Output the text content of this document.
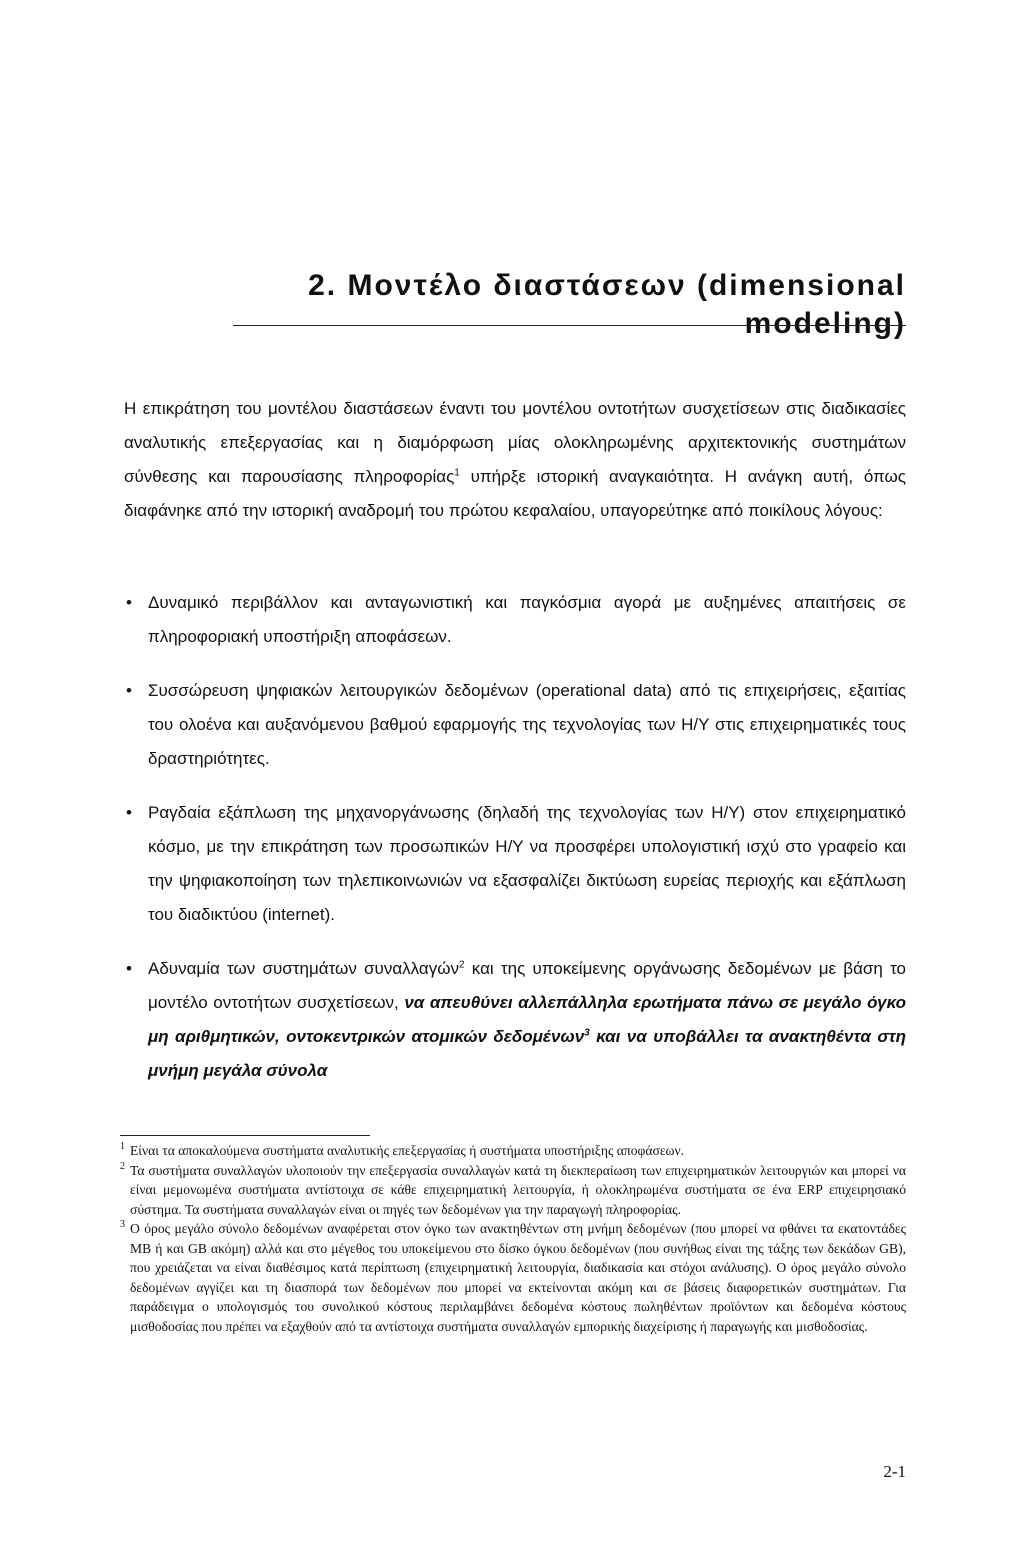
2. Μοντέλο διαστάσεων (dimensional
modeling)

Η επικράτηση του μοντέλου διαστάσεων έναντι του μοντέλου οντοτήτων συσχετίσεων στις διαδικασίες αναλυτικής επεξεργασίας και η διαμόρφωση μίας ολοκληρωμένης αρχιτεκτονικής συστημάτων σύνθεσης και παρουσίασης πληροφορίας$^1$ υπήρξε ιστορική αναγκαιότητα. Η ανάγκη αυτή, όπως διαφάνηκε από την ιστορική αναδρομή του πρώτου κεφαλαίου, υπαγορεύτηκε από ποικίλους λόγους:

• Δυναμικό περιβάλλον και ανταγωνιστική και παγκόσμια αγορά με αυξημένες απαιτήσεις σε πληροφοριακή υποστήριξη αποφάσεων.
• Συσσώρευση ψηφιακών λειτουργικών δεδομένων (operational data) από τις επιχειρήσεις, εξαιτίας του ολοένα και αυξανόμενου βαθμού εφαρμογής της τεχνολογίας των Η/Υ στις επιχειρηματικές τους δραστηριότητες.
• Ραγδαία εξάπλωση της μηχανοργάνωσης (δηλαδή της τεχνολογίας των Η/Υ) στον επιχειρηματικό κόσμο, με την επικράτηση των προσωπικών Η/Υ να προσφέρει υπολογιστική ισχύ στο γραφείο και την ψηφιακοποίηση των τηλεπικοινωνιών να εξασφαλίζει δικτύωση ευρείας περιοχής και εξάπλωση του διαδικτύου (internet).
• Αδυναμία των συστημάτων συναλλαγών$^2$ και της υποκείμενης οργάνωσης δεδομένων με βάση το μοντέλο οντοτήτων συσχετίσεων, να απευθύνει αλλεπάλληλα ερωτήματα πάνω σε μεγάλο όγκο μη αριθμητικών, οντοκεντρικών ατομικών δεδομένων$^3$ και να υποβάλλει τα ανακτηθέντα στη μνήμη μεγάλα σύνολα
1 Είναι τα αποκαλούμενα συστήματα αναλυτικής επεξεργασίας ή συστήματα υποστήριξης αποφάσεων.
2 Τα συστήματα συναλλαγών υλοποιούν την επεξεργασία συναλλαγών κατά τη διεκπεραίωση των επιχειρηματικών λειτουργιών και μπορεί να είναι μεμονωμένα συστήματα αντίστοιχα σε κάθε επιχειρηματική λειτουργία, ή ολοκληρωμένα συστήματα σε ένα ERP επιχειρησιακό σύστημα. Τα συστήματα συναλλαγών είναι οι πηγές των δεδομένων για την παραγωγή πληροφορίας.
3 Ο όρος μεγάλο σύνολο δεδομένων αναφέρεται στον όγκο των ανακτηθέντων στη μνήμη δεδομένων (που μπορεί να φθάνει τα εκατοντάδες MB ή και GB ακόμη) αλλά και στο μέγεθος του υποκείμενου στο δίσκο όγκου δεδομένων (που συνήθως είναι της τάξης των δεκάδων GB), που χρειάζεται να είναι διαθέσιμος κατά περίπτωση (επιχειρηματική λειτουργία, διαδικασία και στόχοι ανάλυσης). Ο όρος μεγάλο σύνολο δεδομένων αγγίζει και τη διασπορά των δεδομένων που μπορεί να εκτείνονται ακόμη και σε βάσεις διαφορετικών συστημάτων. Για παράδειγμα ο υπολογισμός του συνολικού κόστους περιλαμβάνει δεδομένα κόστους πωληθέντων προϊόντων και δεδομένα κόστους μισθοδοσίας που πρέπει να εξαχθούν από τα αντίστοιχα συστήματα συναλλαγών εμπορικής διαχείρισης ή παραγωγής και μισθοδοσίας.
2-1
